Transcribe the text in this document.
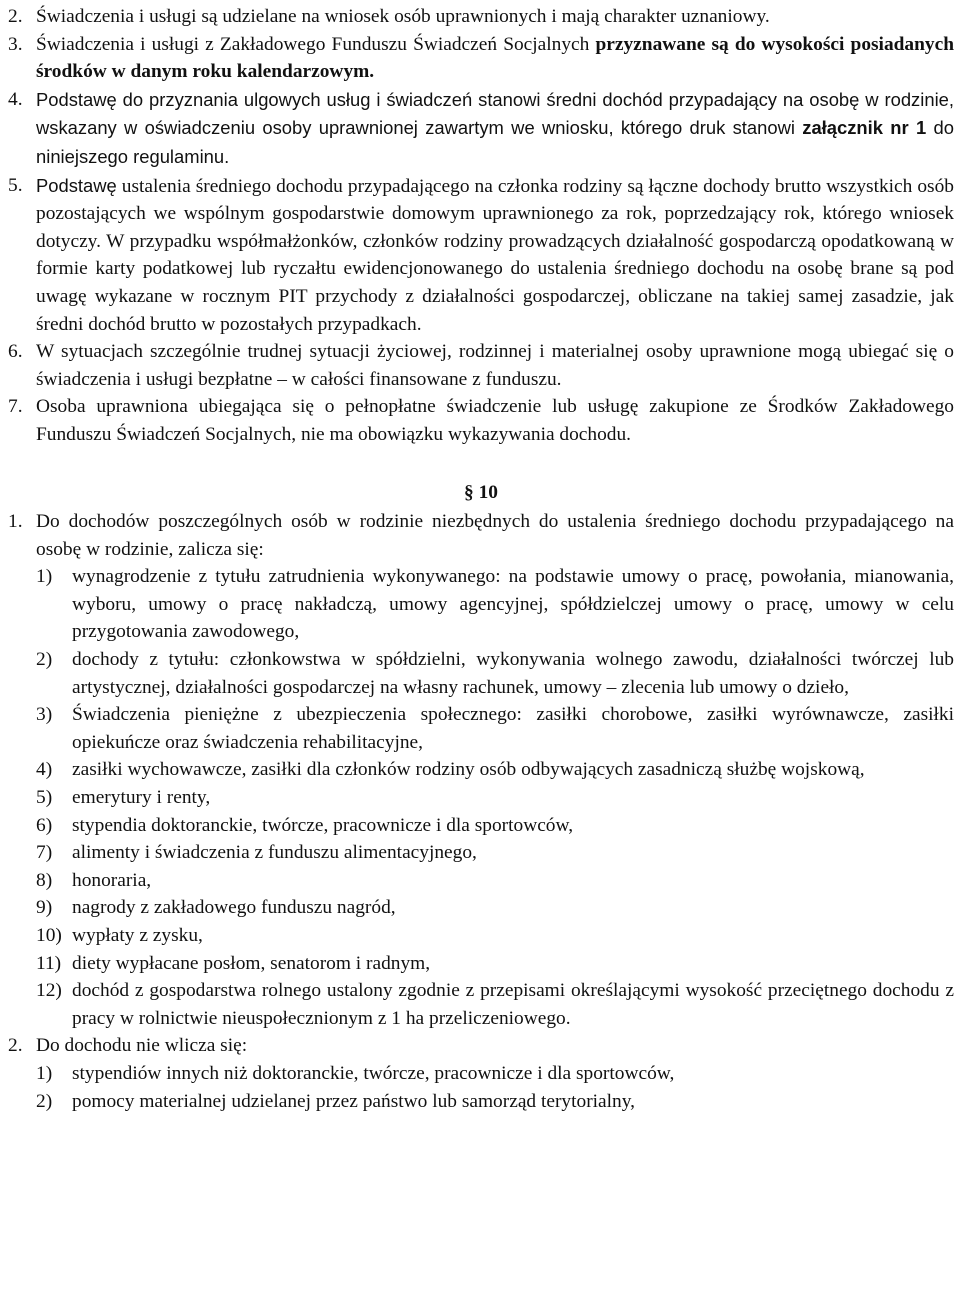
2. Świadczenia i usługi są udzielane na wniosek osób uprawnionych i mają charakter uznaniowy.
3. Świadczenia i usługi z Zakładowego Funduszu Świadczeń Socjalnych przyznawane są do wysokości posiadanych środków w danym roku kalendarzowym.
4. Podstawę do przyznania ulgowych usług i świadczeń stanowi średni dochód przypadający na osobę w rodzinie, wskazany w oświadczeniu osoby uprawnionej zawartym we wniosku, którego druk stanowi załącznik nr 1 do niniejszego regulaminu.
5. Podstawę ustalenia średniego dochodu przypadającego na członka rodziny są łączne dochody brutto wszystkich osób pozostających we wspólnym gospodarstwie domowym uprawnionego za rok, poprzedzający rok, którego wniosek dotyczy. W przypadku współmałżonków, członków rodziny prowadzących działalność gospodarczą opodatkowaną w formie karty podatkowej lub ryczałtu ewidencjonowanego do ustalenia średniego dochodu na osobę brane są pod uwagę wykazane w rocznym PIT przychody z działalności gospodarczej, obliczane na takiej samej zasadzie, jak średni dochód brutto w pozostałych przypadkach.
6. W sytuacjach szczególnie trudnej sytuacji życiowej, rodzinnej i materialnej osoby uprawnione mogą ubiegać się o świadczenia i usługi bezpłatne – w całości finansowane z funduszu.
7. Osoba uprawniona ubiegająca się o pełnopłatne świadczenie lub usługę zakupione ze Środków Zakładowego Funduszu Świadczeń Socjalnych, nie ma obowiązku wykazywania dochodu.
§ 10
1. Do dochodów poszczególnych osób w rodzinie niezbędnych do ustalenia średniego dochodu przypadającego na osobę w rodzinie, zalicza się:
1)	wynagrodzenie z tytułu zatrudnienia wykonywanego: na podstawie umowy o pracę, powołania, mianowania, wyboru, umowy o pracę nakładczą, umowy agencyjnej, spółdzielczej umowy o pracę, umowy w celu przygotowania zawodowego,
2)	dochody z tytułu: członkowstwa w spółdzielni, wykonywania wolnego zawodu, działalności twórczej lub artystycznej, działalności gospodarczej na własny rachunek, umowy – zlecenia lub umowy o dzieło,
3)	Świadczenia pieniężne z ubezpieczenia społecznego: zasiłki chorobowe, zasiłki wyrównawcze, zasiłki opiekuńcze oraz świadczenia rehabilitacyjne,
4)	zasiłki wychowawcze, zasiłki dla członków rodziny osób odbywających zasadniczą służbę wojskową,
5)	emerytury i renty,
6)	stypendia doktoranckie, twórcze, pracownicze i dla sportowców,
7)	alimenty i świadczenia z funduszu alimentacyjnego,
8)	honoraria,
9)	nagrody z zakładowego funduszu nagród,
10) wypłaty z zysku,
11) diety wypłacane posłom, senatorom i radnym,
12) dochód z gospodarstwa rolnego ustalony zgodnie z przepisami określającymi wysokość przeciętnego dochodu z pracy w rolnictwie nieuspołecznionym z 1 ha przeliczeniowego.
2. Do dochodu nie wlicza się:
1)	stypendiów innych niż doktoranckie, twórcze, pracownicze i dla sportowców,
2)	pomocy materialnej udzielanej przez państwo lub samorząd terytorialny,
